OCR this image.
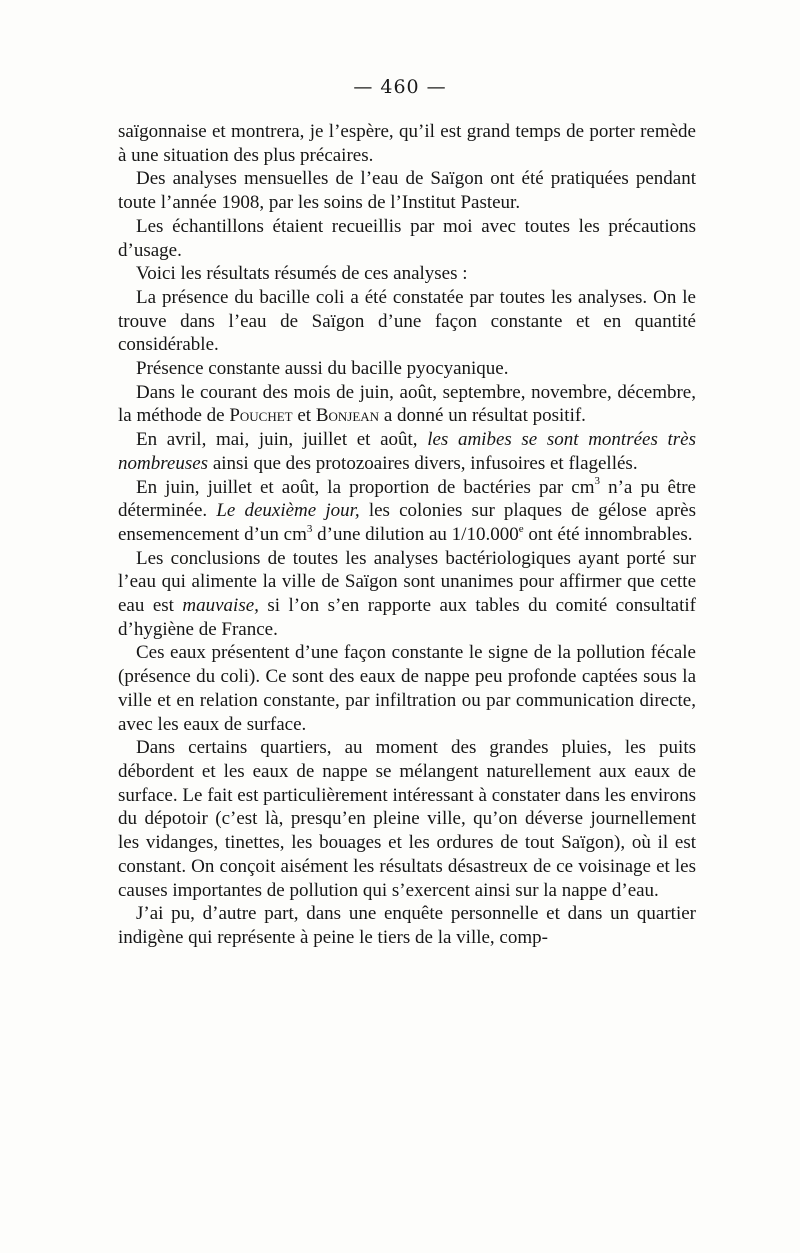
— 460 —

saïgonnaise et montrera, je l’espère, qu’il est grand temps de porter remède à une situation des plus précaires.

Des analyses mensuelles de l’eau de Saïgon ont été pratiquées pendant toute l’année 1908, par les soins de l’Institut Pasteur.

Les échantillons étaient recueillis par moi avec toutes les précautions d’usage.

Voici les résultats résumés de ces analyses :

La présence du bacille coli a été constatée par toutes les analyses. On le trouve dans l’eau de Saïgon d’une façon constante et en quantité considérable.

Présence constante aussi du bacille pyocyanique.

Dans le courant des mois de juin, août, septembre, novembre, décembre, la méthode de Pouchet et Bonjean a donné un résultat positif.

En avril, mai, juin, juillet et août, les amibes se sont montrées très nombreuses ainsi que des protozoaires divers, infusoires et flagellés.

En juin, juillet et août, la proportion de bactéries par $cm^3$ n’a pu être déterminée. Le deuxième jour, les colonies sur plaques de gélose après ensemencement d’un $cm^3$ d’une dilution au 1/10.000e ont été innombrables.

Les conclusions de toutes les analyses bactériologiques ayant porté sur l’eau qui alimente la ville de Saïgon sont unanimes pour affirmer que cette eau est mauvaise, si l’on s’en rapporte aux tables du comité consultatif d’hygiène de France.

Ces eaux présentent d’une façon constante le signe de la pollution fécale (présence du coli). Ce sont des eaux de nappe peu profonde captées sous la ville et en relation constante, par infiltration ou par communication directe, avec les eaux de surface.

Dans certains quartiers, au moment des grandes pluies, les puits débordent et les eaux de nappe se mélangent naturellement aux eaux de surface. Le fait est particulièrement intéressant à constater dans les environs du dépotoir (c’est là, presqu’en pleine ville, qu’on déverse journellement les vidanges, tinettes, les bouages et les ordures de tout Saïgon), où il est constant. On conçoit aisément les résultats désastreux de ce voisinage et les causes importantes de pollution qui s’exercent ainsi sur la nappe d’eau.

J’ai pu, d’autre part, dans une enquête personnelle et dans un quartier indigène qui représente à peine le tiers de la ville, comp-
